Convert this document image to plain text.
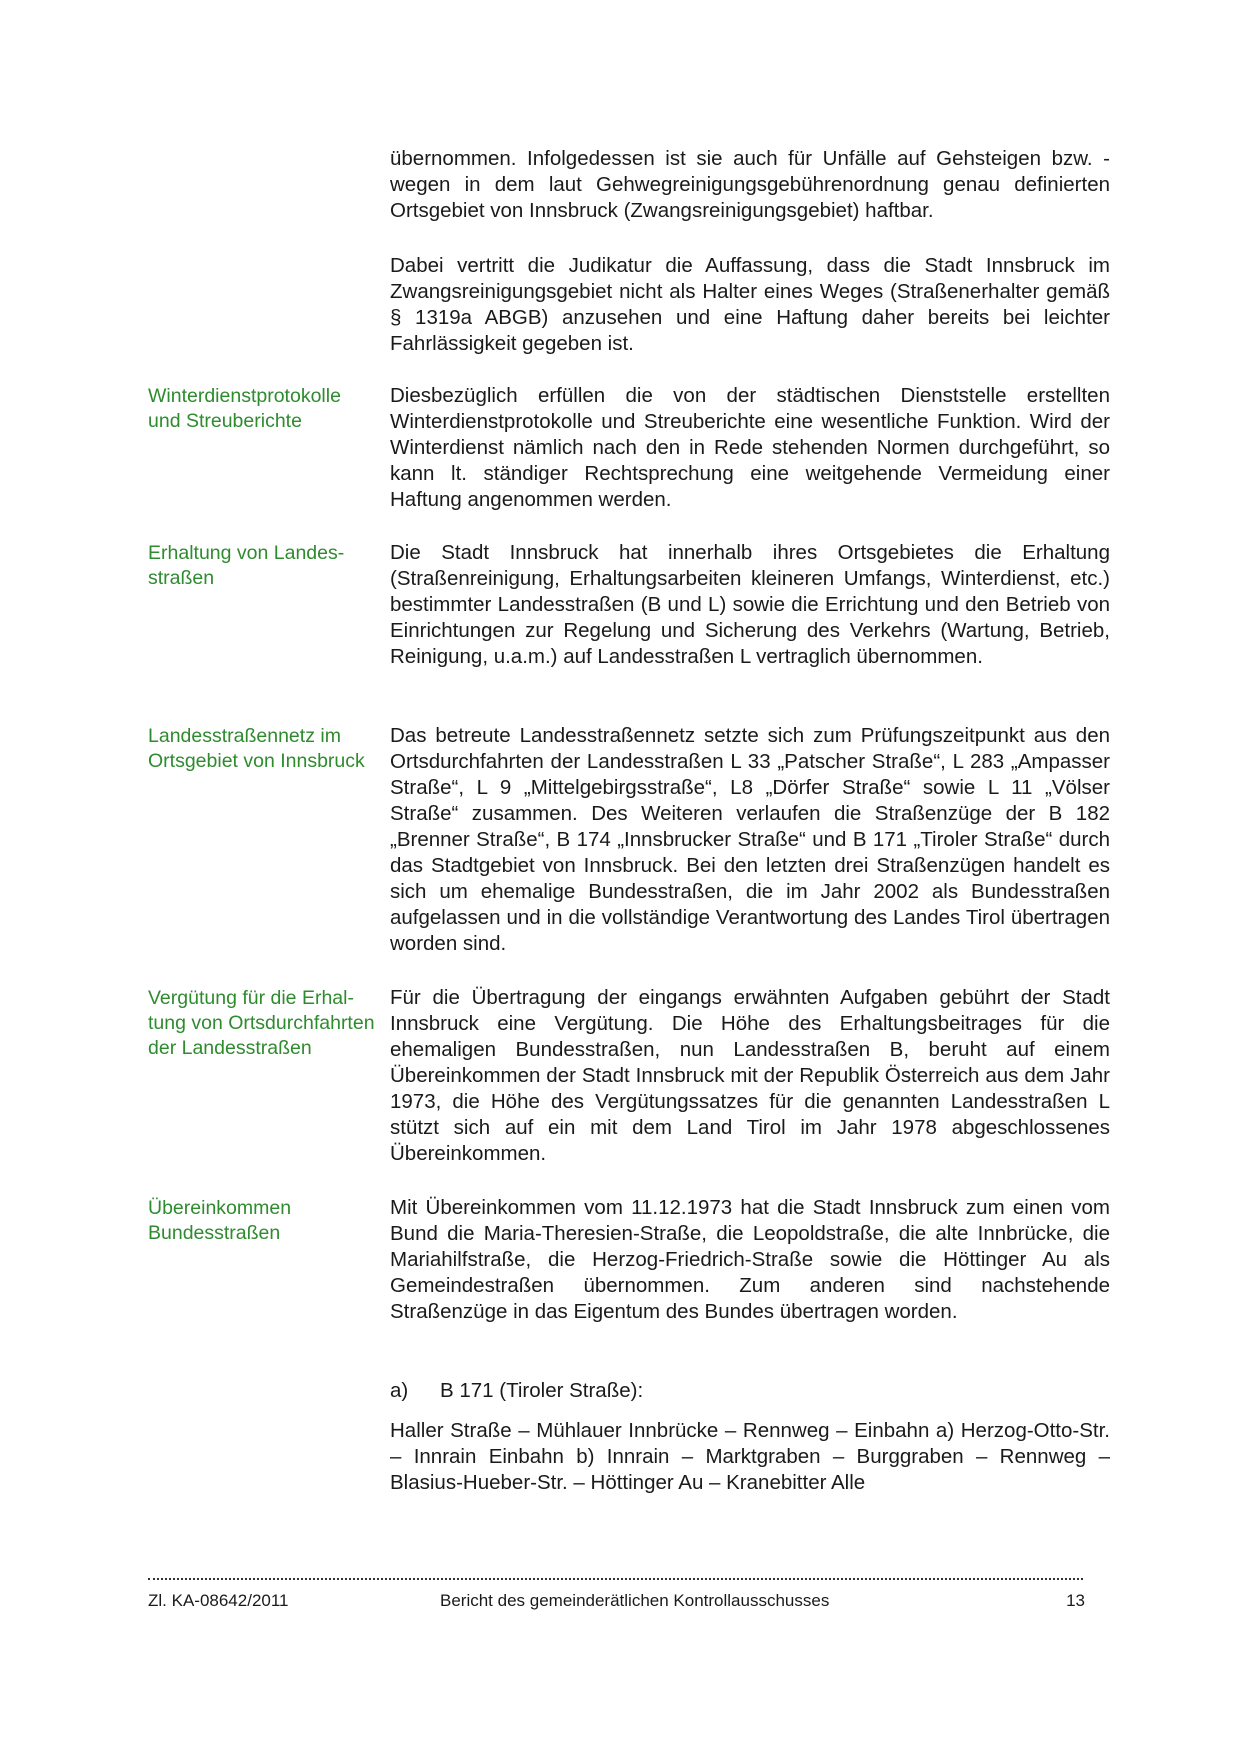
übernommen. Infolgedessen ist sie auch für Unfälle auf Gehsteigen bzw. -wegen in dem laut Gehwegreinigungsgebührenordnung genau definierten Ortsgebiet von Innsbruck (Zwangsreinigungsgebiet) haftbar.

Dabei vertritt die Judikatur die Auffassung, dass die Stadt Innsbruck im Zwangsreinigungsgebiet nicht als Halter eines Weges (Straßenerhalter gemäß § 1319a ABGB) anzusehen und eine Haftung daher bereits bei leichter Fahrlässigkeit gegeben ist.

Winterdienstprotokolle und Streuberichte

Diesbezüglich erfüllen die von der städtischen Dienststelle erstellten Winterdienstprotokolle und Streuberichte eine wesentliche Funktion. Wird der Winterdienst nämlich nach den in Rede stehenden Normen durchgeführt, so kann lt. ständiger Rechtsprechung eine weitgehende Vermeidung einer Haftung angenommen werden.

Erhaltung von Landesstraßen

Die Stadt Innsbruck hat innerhalb ihres Ortsgebietes die Erhaltung (Straßenreinigung, Erhaltungsarbeiten kleineren Umfangs, Winterdienst, etc.) bestimmter Landesstraßen (B und L) sowie die Errichtung und den Betrieb von Einrichtungen zur Regelung und Sicherung des Verkehrs (Wartung, Betrieb, Reinigung, u.a.m.) auf Landesstraßen L vertraglich übernommen.

Landesstraßennetz im Ortsgebiet von Innsbruck

Das betreute Landesstraßennetz setzte sich zum Prüfungszeitpunkt aus den Ortsdurchfahrten der Landesstraßen L 33 „Patscher Straße“, L 283 „Ampasser Straße“, L 9 „Mittelgebirgsstraße“, L8 „Dörfer Straße“ sowie L 11 „Völser Straße“ zusammen. Des Weiteren verlaufen die Straßenzüge der B 182 „Brenner Straße“, B 174 „Innsbrucker Straße“ und B 171 „Tiroler Straße“ durch das Stadtgebiet von Innsbruck. Bei den letzten drei Straßenzügen handelt es sich um ehemalige Bundesstraßen, die im Jahr 2002 als Bundesstraßen aufgelassen und in die vollständige Verantwortung des Landes Tirol übertragen worden sind.

Vergütung für die Erhaltung von Ortsdurchfahrten der Landesstraßen

Für die Übertragung der eingangs erwähnten Aufgaben gebührt der Stadt Innsbruck eine Vergütung. Die Höhe des Erhaltungsbeitrages für die ehemaligen Bundesstraßen, nun Landesstraßen B, beruht auf einem Übereinkommen der Stadt Innsbruck mit der Republik Österreich aus dem Jahr 1973, die Höhe des Vergütungssatzes für die genannten Landesstraßen L stützt sich auf ein mit dem Land Tirol im Jahr 1978 abgeschlossenes Übereinkommen.

Übereinkommen Bundesstraßen

Mit Übereinkommen vom 11.12.1973 hat die Stadt Innsbruck zum einen vom Bund die Maria-Theresien-Straße, die Leopoldstraße, die alte Innbrücke, die Mariahilfstraße, die Herzog-Friedrich-Straße sowie die Höttinger Au als Gemeindestraßen übernommen. Zum anderen sind nachstehende Straßenzüge in das Eigentum des Bundes übertragen worden.

a) B 171 (Tiroler Straße):

Haller Straße – Mühlauer Innbrücke – Rennweg – Einbahn a) Herzog-Otto-Str. – Innrain Einbahn b) Innrain – Marktgraben – Burggraben – Rennweg – Blasius-Hueber-Str. – Höttinger Au – Kranebitter Alle

Zl. KA-08642/2011	Bericht des gemeinderätlichen Kontrollausschusses	13
